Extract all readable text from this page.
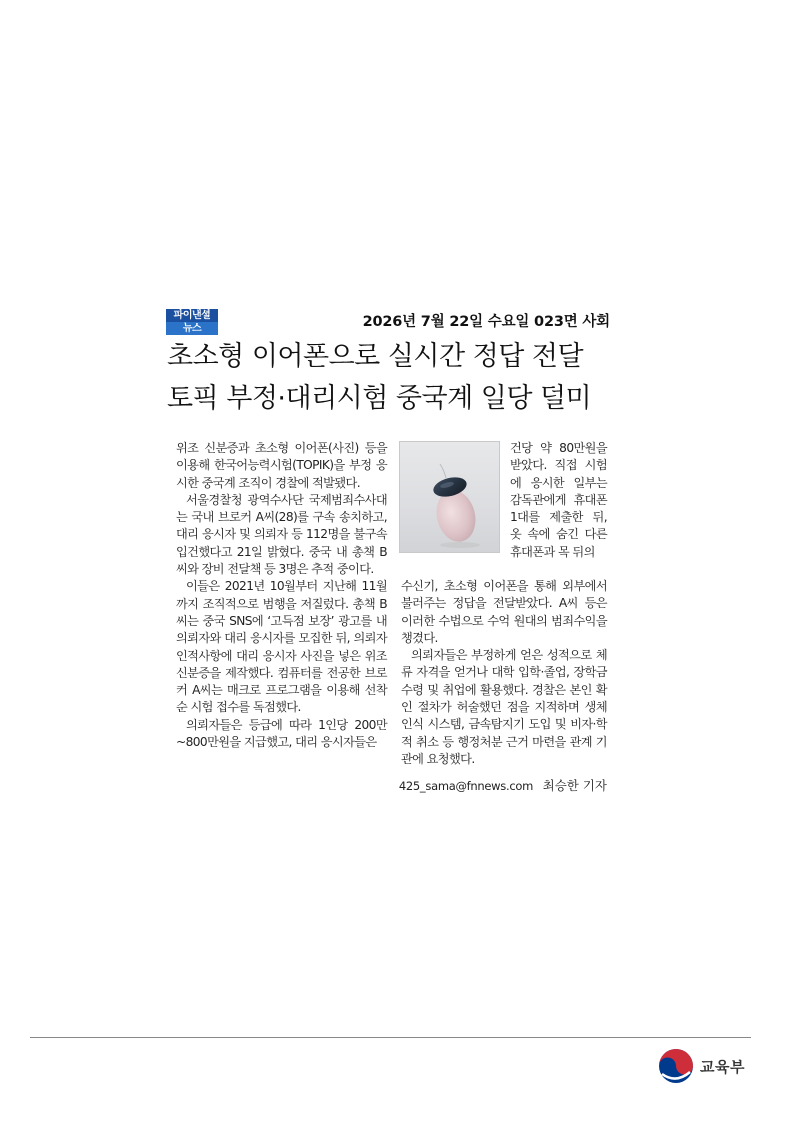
파이낸셜
뉴스	2026년 7월 22일 수요일 023면 사회
초소형 이어폰으로 실시간 정답 전달
토픽 부정·대리시험 중국계 일당 덜미

위조 신분증과 초소형 이어폰(사진) 등을 이용해 한국어능력시험(TOPIK)을 부정 응시한 중국계 조직이 경찰에 적발됐다.

서울경찰청 광역수사단 국제범죄수사대는 국내 브로커 A씨(28)를 구속 송치하고, 대리 응시자 및 의뢰자 등 112명을 불구속 입건했다고 21일 밝혔다. 중국 내 총책 B씨와 장비 전달책 등 3명은 추적 중이다.

이들은 2021년 10월부터 지난해 11월까지 조직적으로 범행을 저질렀다. 총책 B씨는 중국 SNS에 ‘고득점 보장’ 광고를 내 의뢰자와 대리 응시자를 모집한 뒤, 의뢰자 인적사항에 대리 응시자 사진을 넣은 위조 신분증을 제작했다. 컴퓨터를 전공한 브로커 A씨는 매크로 프로그램을 이용해 선착순 시험 접수를 독점했다.

의뢰자들은 등급에 따라 1인당 200만~800만원을 지급했고, 대리 응시자들은

건당 약 80만원을 받았다. 직접 시험에 응시한 일부는 감독관에게 휴대폰 1대를 제출한 뒤, 옷 속에 숨긴 다른 휴대폰과 목 뒤의

수신기, 초소형 이어폰을 통해 외부에서 불러주는 정답을 전달받았다. A씨 등은 이러한 수법으로 수억 원대의 범죄수익을 챙겼다.

의뢰자들은 부정하게 얻은 성적으로 체류 자격을 얻거나 대학 입학·졸업, 장학금 수령 및 취업에 활용했다. 경찰은 본인 확인 절차가 허술했던 점을 지적하며 생체인식 시스템, 금속탐지기 도입 및 비자·학적 취소 등 행정처분 근거 마련을 관계 기관에 요청했다.

425_sama@fnnews.com 최승한 기자
교육부
